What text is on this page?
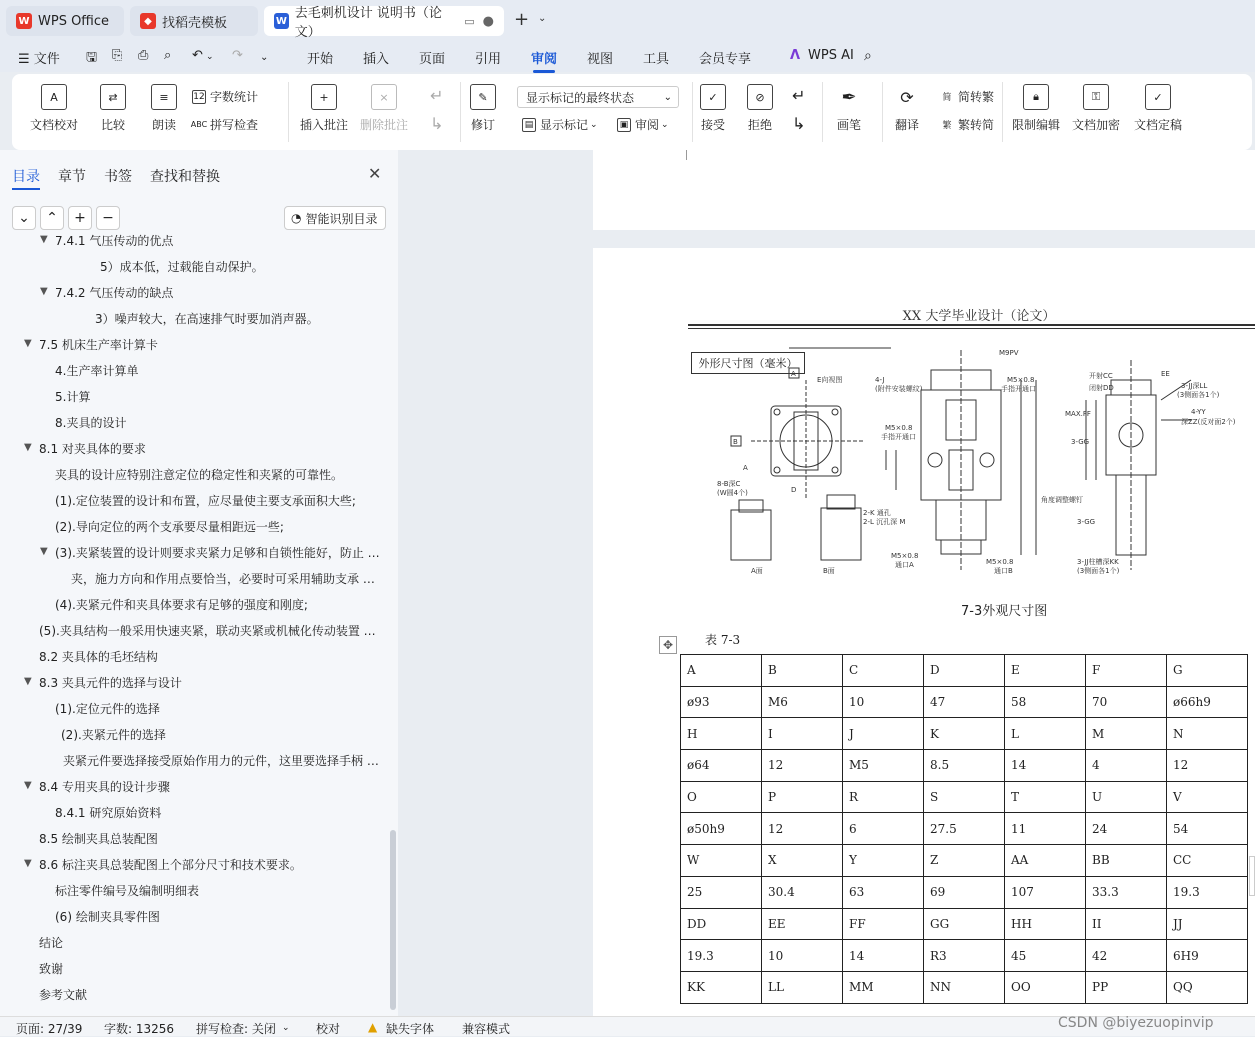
W WPS Office	◆ 找稻壳模板	W 去毛刺机设计 说明书（论文）
▭ ● + ⌄
☰ 文件 🖫 ⎘ ⎙ ⌕ ↶ ⌄ ↷ ⌄	开始 插入 页面 引用 审阅 视图 工具 会员专享	ᐱ WPS AI ⌕
A
文档校对
⇄
比较
≡
朗读
12 字数统计
ABC 拼写检查
+
插入批注
×
删除批注
↵
↳
✎
修订
显示标记的最终状态	⌄
▤ 显示标记 ⌄	▣ 审阅 ⌄
✓
接受
⊘
拒绝
↵
↳
✒
画笔
⟳
翻译
简 简转繁
繁 繁转简
🔒︎
限制编辑
⚿
文档加密
✓
文档定稿
目录 章节 书签 查找和替换	✕
⌄ ⌃ + −	◔ 智能识别目录
▼ 7.4.1 气压传动的优点
5）成本低，过载能自动保护。
▼ 7.4.2 气压传动的缺点
3）噪声较大，在高速排气时要加消声器。
▼ 7.5 机床生产率计算卡
4.生产率计算单
5.计算
8.夹具的设计
▼ 8.1 对夹具体的要求
夹具的设计应特别注意定位的稳定性和夹紧的可靠性。
(1).定位装置的设计和布置，应尽量使主要支承面积大些;
(2).导向定位的两个支承要尽量相距远一些;
▼ (3).夹紧装置的设计则要求夹紧力足够和自锁性能好，防止 …
夹，施力方向和作用点要恰当，必要时可采用辅助支承 …
(4).夹紧元件和夹具体要求有足够的强度和刚度;
(5).夹具结构一般采用快速夹紧，联动夹紧或机械化传动装置 …
8.2 夹具体的毛坯结构
▼ 8.3 夹具元件的选择与设计
(1).定位元件的选择
(2).夹紧元件的选择
夹紧元件要选择接受原始作用力的元件，这里要选择手柄 …
▼ 8.4 专用夹具的设计步骤
8.4.1 研究原始资料
8.5 绘制夹具总装配图
▼ 8.6 标注夹具总装配图上个部分尺寸和技术要求。
标注零件编号及编制明细表
(6) 绘制夹具零件图
结论
致谢
参考文献
XX 大学毕业设计（论文）
外形尺寸图（毫米）
A
E向视图
B
A
8-B深C
(W圆4个)	D
A面	B面
4-J
(附件安装螺纹)
M5×0.8
手指开通口
M5×0.8
手指开通口
2-K 通孔
2-L 沉孔深 M
M5×0.8
通口A	M5×0.8
通口B
M9PV
开射CC
闭射DD
EE
3-JJ深LL
(3侧面各1个)
MAX.FF	4-YY
深ZZ(反对面2个)
3-GG
角度调整螺钉
3-GG
3-JJ柱槽深KK
(3侧面各1个)
7-3外观尺寸图
✥	表 7-3
A	B	C	D	E	F	G
ø93	M6	10	47	58	70	ø66h9
H	I	J	K	L	M	N
ø64	12	M5	8.5	14	4	12
O	P	R	S	T	U	V
ø50h9	12	6	27.5	11	24	54
W	X	Y	Z	AA	BB	CC
25	30.4	63	69	107	33.3	19.3
DD	EE	FF	GG	HH	II	JJ
19.3	10	14	R3	45	42	6H9
KK	LL	MM	NN	OO	PP	QQ
页面: 27/39 字数: 13256 拼写检查: 关闭 ⌄ 校对 ▲ 缺失字体 兼容模式	CSDN @biyezuopinvip
